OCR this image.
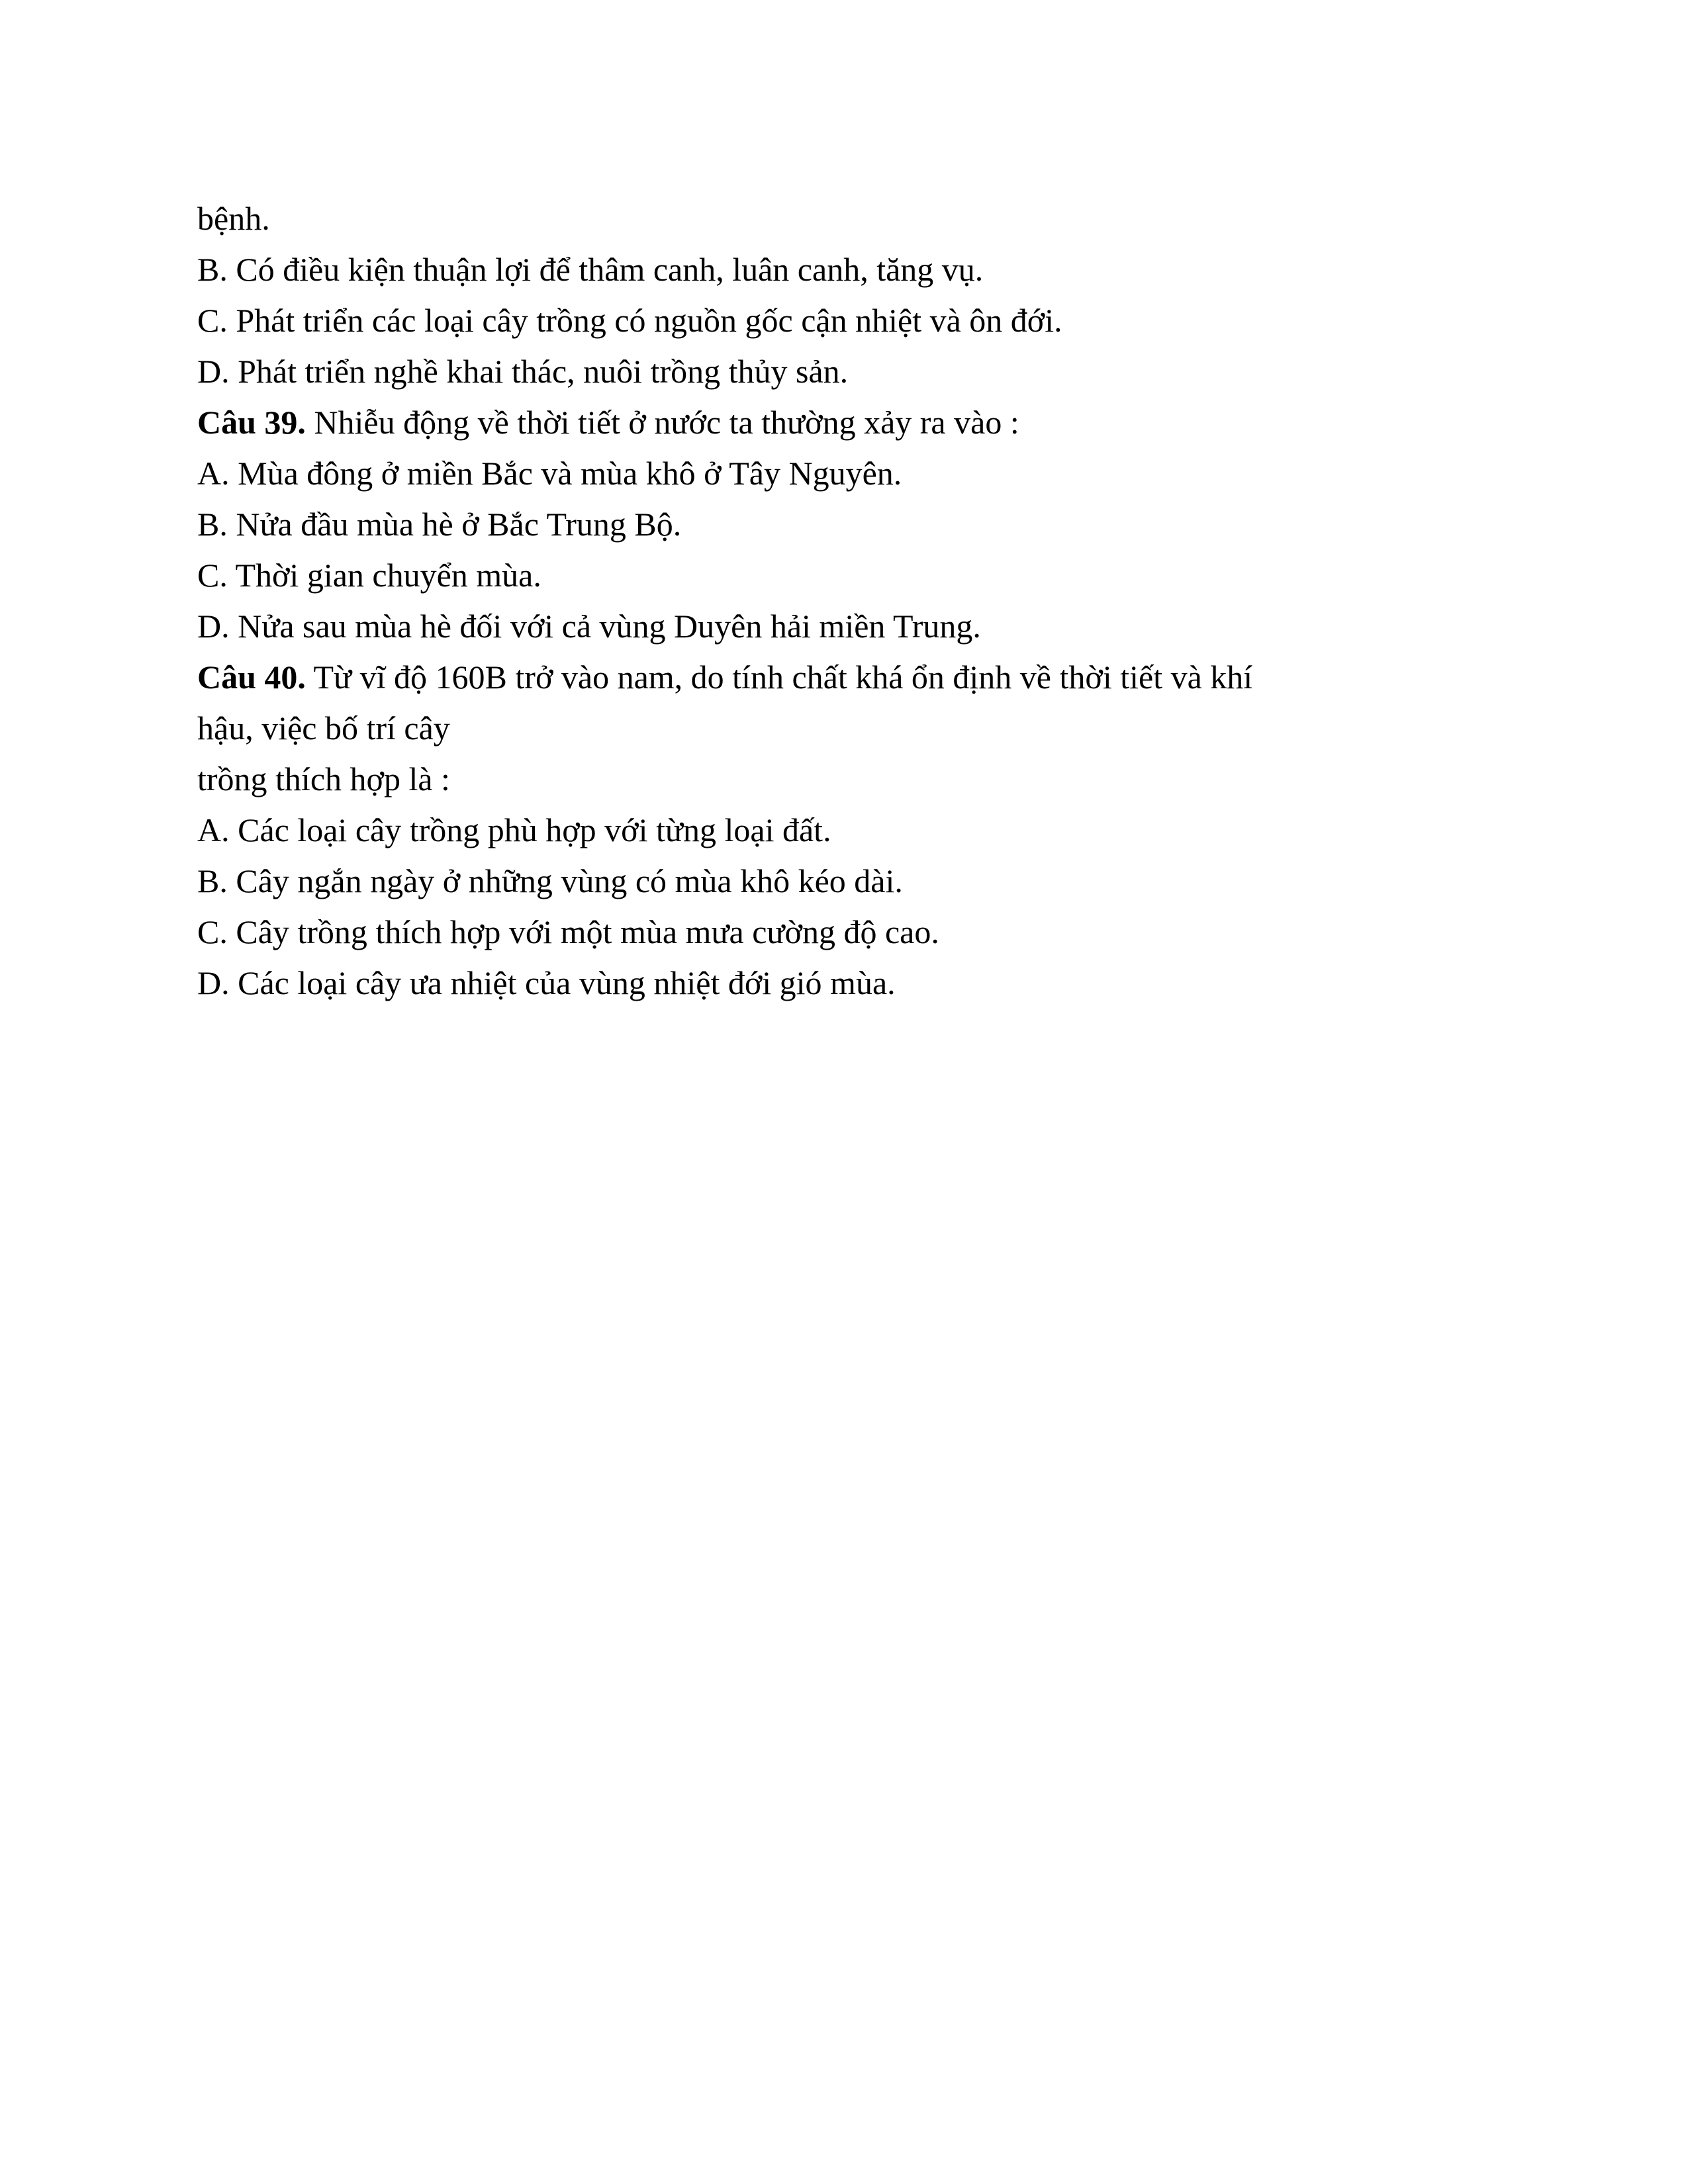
bệnh.
B. Có điều kiện thuận lợi để thâm canh, luân canh, tăng vụ.
C. Phát triển các loại cây trồng có nguồn gốc cận nhiệt và ôn đới.
D. Phát triển nghề khai thác, nuôi trồng thủy sản.
Câu 39. Nhiễu động về thời tiết ở nước ta thường xảy ra vào :
A. Mùa đông ở miền Bắc và mùa khô ở Tây Nguyên.
B. Nửa đầu mùa hè ở Bắc Trung Bộ.
C. Thời gian chuyển mùa.
D. Nửa sau mùa hè đối với cả vùng Duyên hải miền Trung.
Câu 40. Từ vĩ độ 160B trở vào nam, do tính chất khá ổn định về thời tiết và khí
hậu, việc bố trí cây
trồng thích hợp là :
A. Các loại cây trồng phù hợp với từng loại đất.
B. Cây ngắn ngày ở những vùng có mùa khô kéo dài.
C. Cây trồng thích hợp với một mùa mưa cường độ cao.
D. Các loại cây ưa nhiệt của vùng nhiệt đới gió mùa.
